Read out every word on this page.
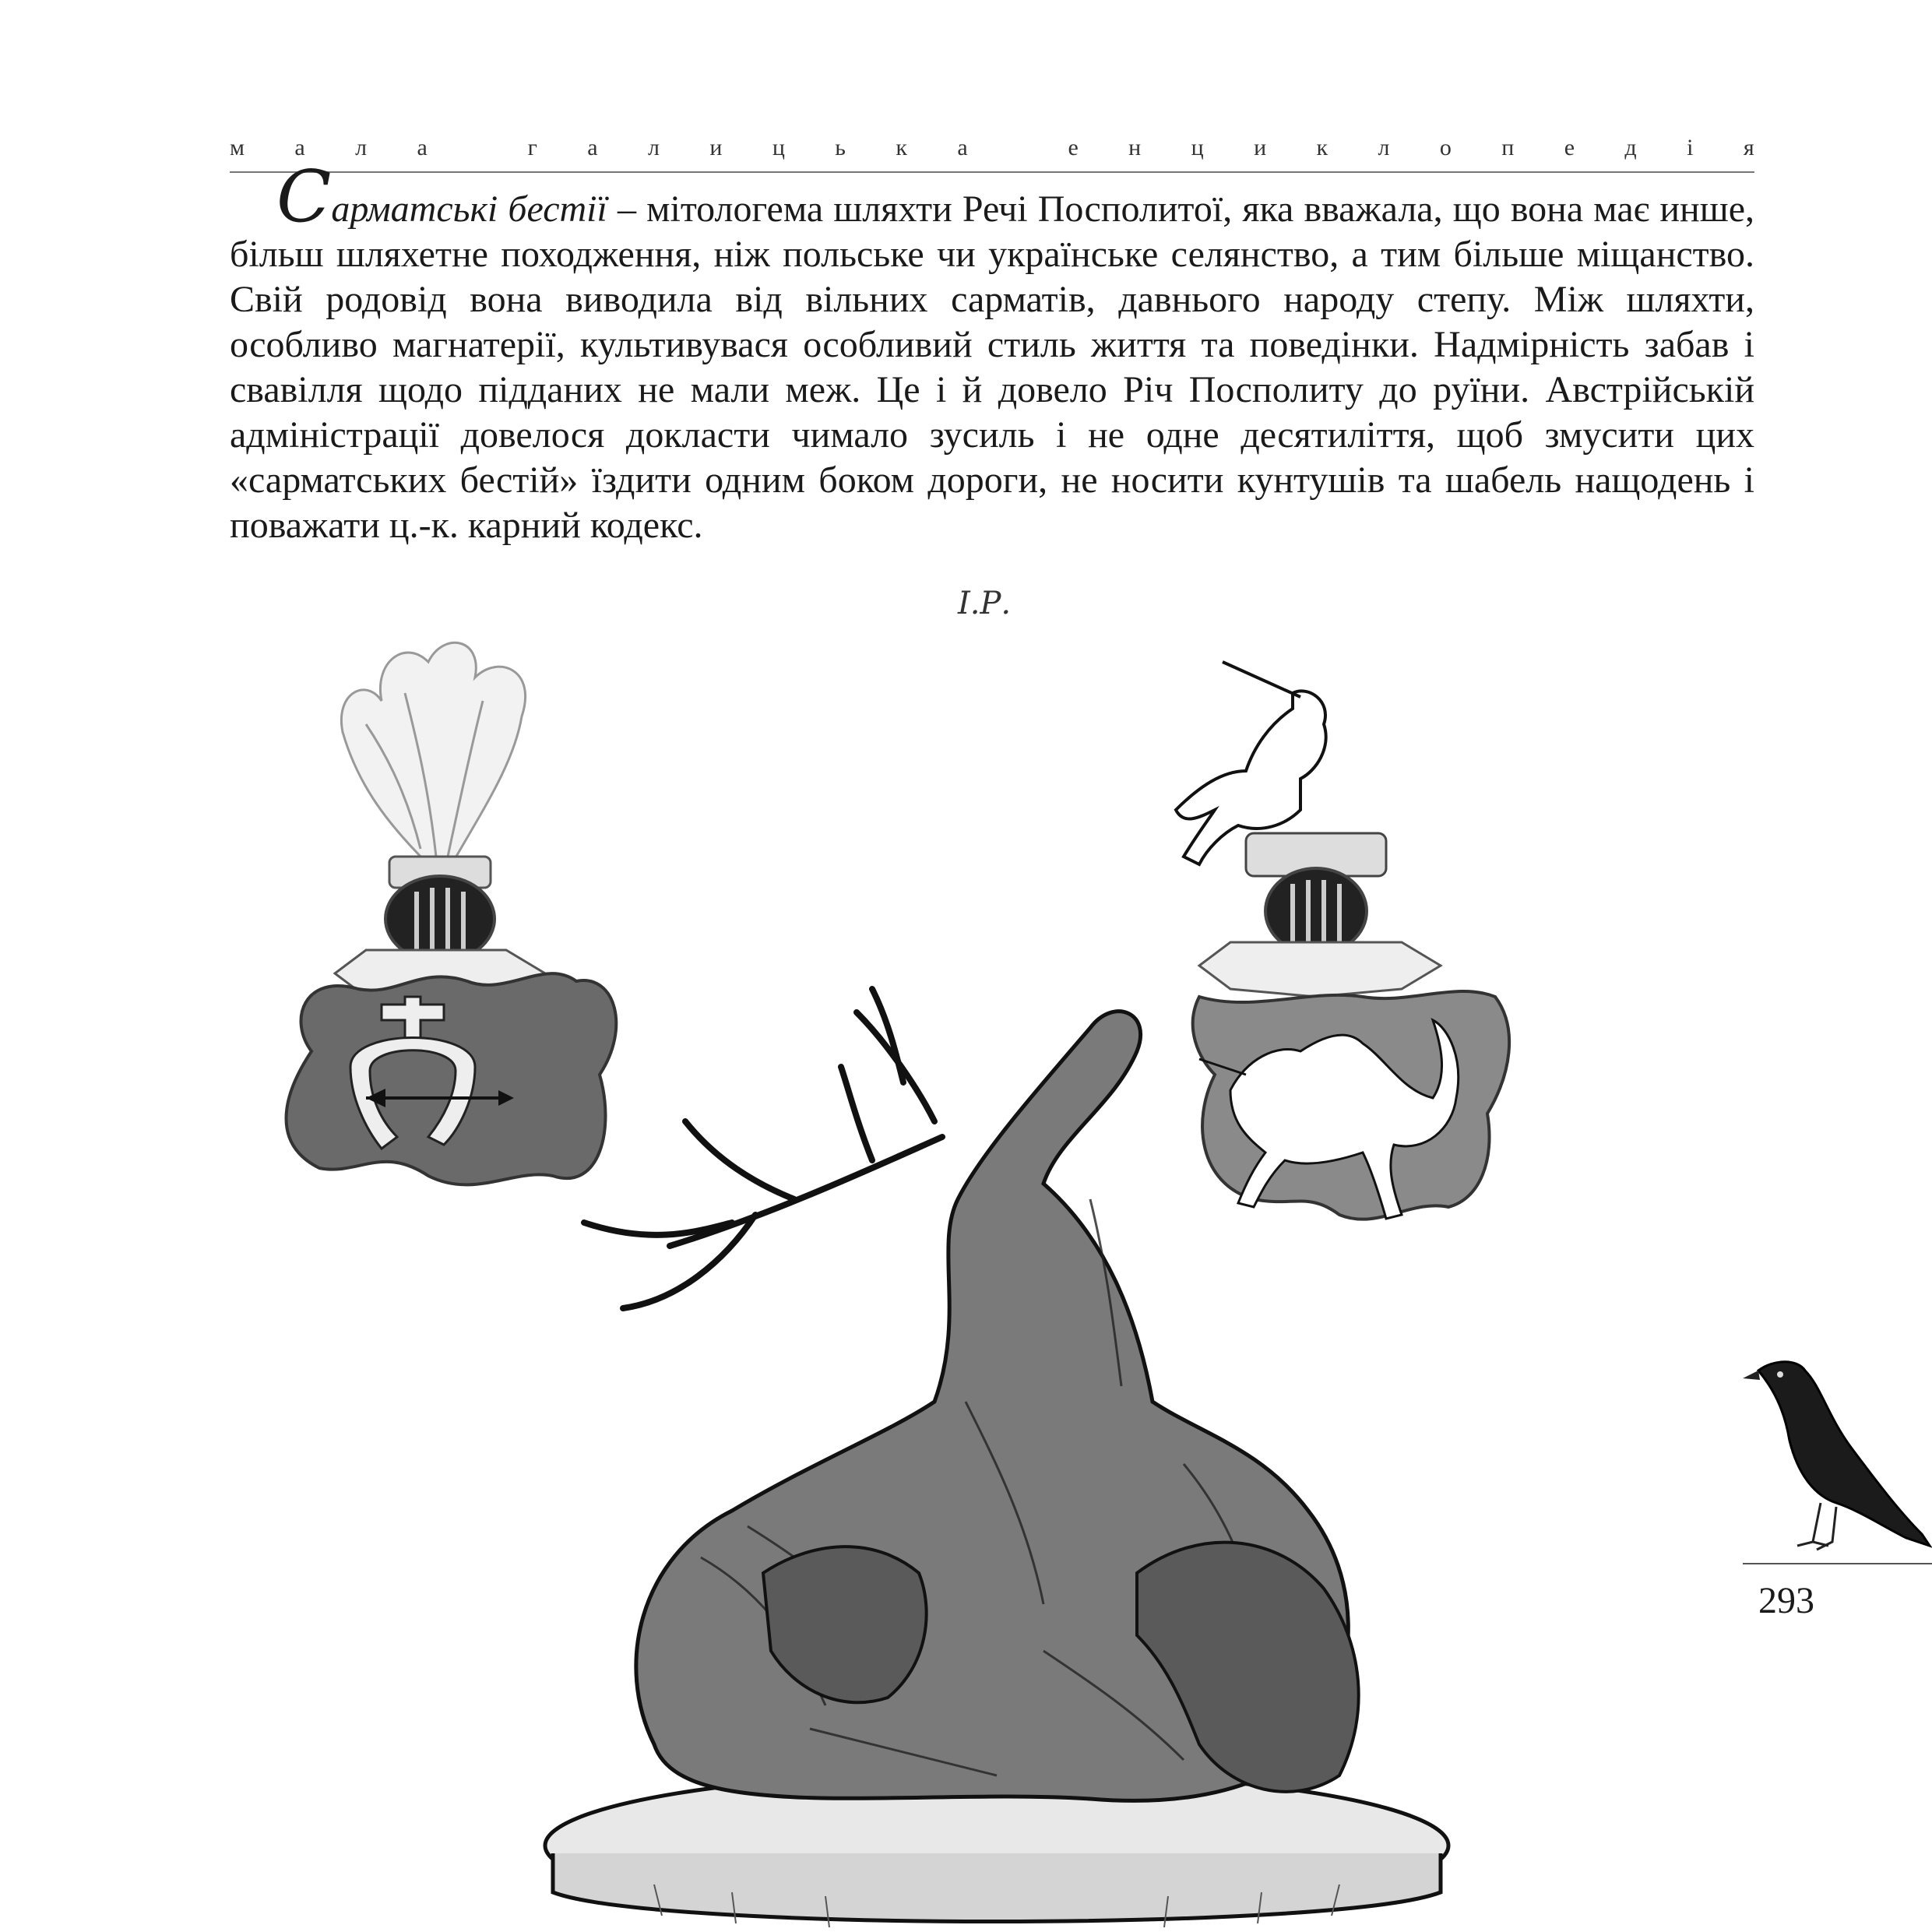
м а л а	г а л и ц ь к а	е н ц и к л о п е д і я

Сарматські бестії – мітологема шляхти Речі Посполитої, яка вважала, що вона має инше, більш шляхетне походження, ніж польське чи українське селянство, а тим більше міщанство. Свій родовід вона виводила від вільних сарматів, давнього народу степу. Між шляхти, особливо магнатерії, культивувася особливий стиль життя та поведінки. Надмірність забав і свавілля щодо підданих не мали меж. Це і й довело Річ Посполиту до руїни. Австрійській адміністрації довелося докласти чимало зусиль і не одне десятиліття, щоб змусити цих «сарматських бестій» їздити одним боком дороги, не носити кунтушів та шабель нащодень і поважати ц.-к. карний кодекс.

І.Р.
293
